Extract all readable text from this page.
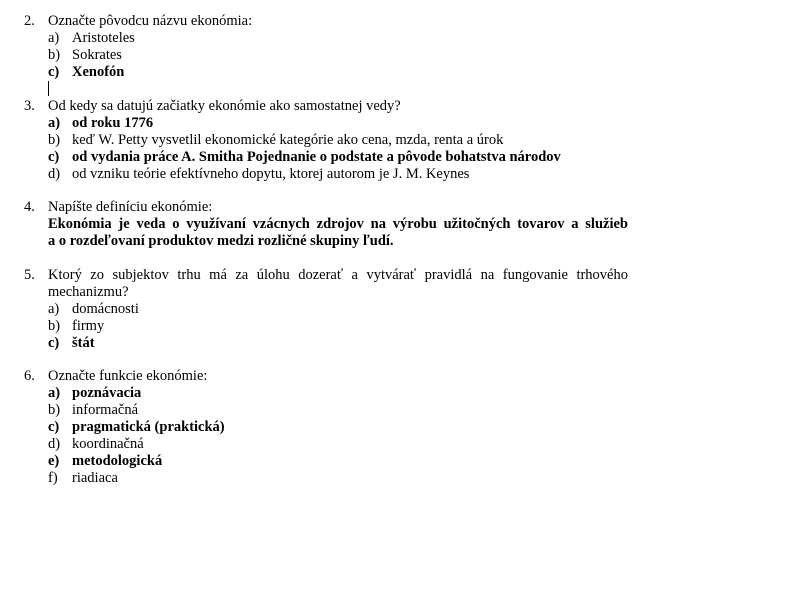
2. Označte pôvodcu názvu ekonómia:
a) Aristoteles
b) Sokrates
c) Xenofón
3. Od kedy sa datujú začiatky ekonómie ako samostatnej vedy?
a) od roku 1776
b) keď W. Petty vysvetlil ekonomické kategórie ako cena, mzda, renta a úrok
c) od vydania práce A. Smitha Pojednanie o podstate a pôvode bohatstva národov
d) od vzniku teórie efektívneho dopytu, ktorej autorom je J. M. Keynes
4. Napíšte definíciu ekonómie:
Ekonómia je veda o využívaní vzácnych zdrojov na výrobu užitočných tovarov a služieb
a o rozdeľovaní produktov medzi rozličné skupiny ľudí.
5. Ktorý zo subjektov trhu má za úlohu dozerať a vytvárať pravidlá na fungovanie trhového
mechanizmu?
a) domácnosti
b) firmy
c) štát
6. Označte funkcie ekonómie:
a) poznávacia
b) informačná
c) pragmatická (praktická)
d) koordinačná
e) metodologická
f) riadiaca
